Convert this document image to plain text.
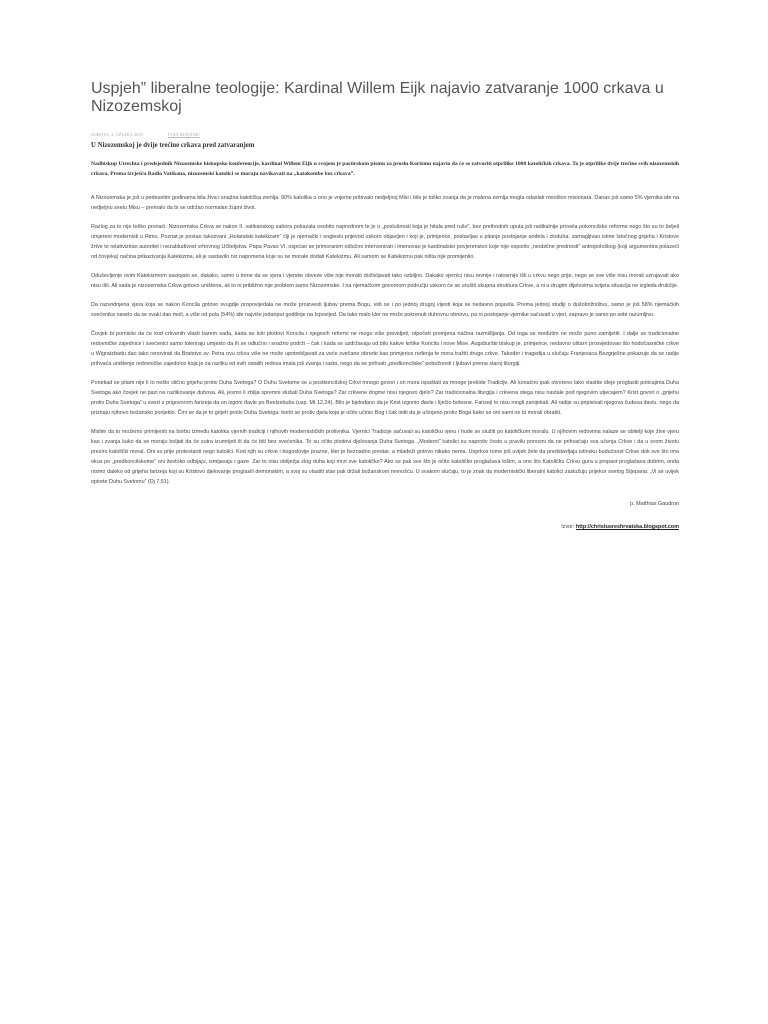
Uspjeh” liberalne teologije: Kardinal Willem Eijk najavio zatvaranje 1000 crkava u Nizozemskoj
SUBOTA, 3. OŽUJKA 2018	IVAN RUDANIĆ

U Nizozemskoj je dvije trećine crkava pred zatvaranjem

Nadbiskup Utrechta i predsjednik Nizozemske biskupske konferencije, kardinal Willem Eijk u svojem je pastirskom pismu za proslu Korizmu najavio da će se zatvoriti otprilike 1000 katoličkih crkava. To je otprilike dvije trećine svih nizozemskih crkava. Prema izvješću Radio Vatikana, nizozemski katolici se moraju navikavati na „katakombe bez crkava”.

A Nizozemska je još u pedesetim godinama bila živa i snažna katolička zemlja. 90% katolika u ono je vrijeme pribivalo nedjeljnoj Misi i bilo je toliko zvanja da je malena zemlja mogla odaslati mnoštvo misionara. Danas još samo 5% vjernika ide na nedjeljnu svetu Misu – premalo da bi se održao normalan župni život.

Razlog za to nije teško pronaći. Nizozemska Crkva se nakon II. vatikanskog sabora pokazala osobito naprednom te je u „poslušnosti koja je hitala pred rušo”, bez prethodnih uputa još radikalnije provela pokoncilske reforme nego što su to željeli umjereni modernisti u Rimu. Poznat je postao takozvani „Holandski katekizam” čiji je njemački i engleski prijevod uskoro objavljen i koji je, primjerice, postavljao u pitanje postojanje anđela i zloduha, zamagljivao istine Istočnog grijeha i Kristove žrtve te relativizirao autoritet i nezabludivost vrhovnog Učiteljstva. Papa Pavao VI. osjećao se primoranim odlučno intervenirati i imenovao je kardinalsko povjerenstvo koje nije osporilo „neobične prednosti” antropološkog (koji argumentira polazeći od čovjeka) načina prikazivanja Katekizma, ali je sastavilo niz napomena koje su se morale dodati Katekizmu. Ali samom se Katekizmu pak ništa nije promijenilo.

Oduševljenje ovim Katekizmom sastojalo se, dakako, samo u tome da se vjera i vjerske obveze više nije moralo doživljavati tako ozbiljno. Dakako vjernici nisu revnije i ratosrnije išli u crkvu nego prije, nego se sve više nisu morali uzrujavati ako nisu išli. Ali sada je nizozemska Crkva gotovo uništena, ali to ni približno nije problem samo Nizozemske. I na njemačkom govornom području uskoro će se urušiti ukupna struktura Crkve, a ni u drugim dijelovima svijeta situacija ne izgleda drukčije.

Da razvodnjena vjera koja se nakon Koncila gotovo svugdje propovijedala ne može proizvesti ljubav prema Bogu, vidi se i po jednoj drugoj vijesti koja se nedavno pojavila. Prema jednoj studiji o dušobrižništvu, samo je još 58% njemačkih svećenika navelo da se svaki dan moli, a više od pola (54%) ide najviše jedanput godišnje na Ispovijed. Da tako malo kler ne može pokrenuti duhovnu obnovu, pa ni postojanje vjernike sačuvati u vjeri, zapravo je samo po sebi razumljivo.

Čovjek bi pomislio da će kod crkvenih vlasti barem sada, kada se loši plodovi Koncila i njegovih reformi ne mogu više previdjeti, otpočeti promjena načina razmišljanja. Od toga se međutim ne može puno zamijetiti. I dalje se tradicionalne redovničke zajednice i svećenici samo toleriraju umjesto da ih se odlučno i snažno podrži – čak i kada se uzdržavaju od bilo kakve kritike Koncila i nove Mise. Augsburški biskup je, primjerice, nedavno oštarn prosvjedovao što hodočasničke crkve u Wigratzbadu dao tako renovirati da Bratstvo sv. Petra ovu crkvu više ne može upotrebljavati za veće svečane obrede kao primjerice ređenja te mora tražiti druge crkve. Također i tragedija u slučaju Franjevaca Bezgrješne pokazuje da se radije prihvaća uništenje redovničke zajednice koja je za razliku od svih ostalih redova imala još zvanja i rasta, nego da se prihvati „predkoncilske” pobožnosti i ljubavi prema staroj liturgiji.

Ponekad se pitam nije li to nešto slično grijehu protiv Duha Svetoga? O Duhu Svetome se u postkoncilskoj Crkvi mnogo govori i on mora ispaštati za mnoge prekide Tradicije. Ali konačno ipak otvoreno lako vlastite ideje proglasiti poticajima Duha Svetoga ako čovjek ne pazi na razlikovanje duhova. Ali, jesmo li zbilja spremni slušati Duha Svetoga? Zar crkvene dogme nisu njegovo djelo? Zar tradicionalna liturgija i crkvena stega nisu nastale pod njegovim utjecajem? Krist govori o „grijehu protiv Duha Svetoga” u svezi s prigovorom farizeja da on izgoni đavle po Beelzebubu (usp. Mt 12,24). Bilo je bjelodano da je Krist izgonio đavle i liječio bolesne. Farizeji to nisu mogli zanijekati. Ali radije su pripisivali njegova čudesa đavlu, nego da priznaju njihovo božansko porijeklo. Čini se da je to grijeh protiv Duha Svetoga: boriti se protiv djela koja je očito učinio Bog i čak istiti da je učinjeno protiv Boga kako se oni sami ne bi morali obratiti.

Mislim da to možemo primijeniti na borbu između katolika vjernih tradiciji i njihovih modernističkih protivnika. Vjernici Tradicije sačuvali su katoličku vjeru i hude se služiti po katoličkom moralu. U njihovim redovima nalaze se obitelji koje žive vjeru kao i zvanja kako da se moraju boljati da će sutra izumrijeti ili da će biti bez svećenika. To su očito plodovi djelovanja Duha Svetoga. „Moderni” katolici su naprotiv često u pravilu ponosni da ne prihvaćaju sva učenja Crkve i da u svom životu preziru katolički moral. Oni su prije protestanti nego katolici. Kod njih su crkve i bogoslovije prazne, kler je beznadno prestar, a mladeži gotovo nikako nema. Usprkos tome još uvijek žele da predstavljaju istinsku budućnost Crkve dok sve što ima okus po „predkoncilskome” oni žestoko odbijaju, ismijavaju i gaze. Zar to nisu obilježja zlog duha koji mrzi sve katoličko? Ako se pak sve što je očito katoličko proglašava lošim, a ono što Katoličku Crkvu gura u propast proglašava dobrim, onda nismo daleko od grijeha farizeja koji su Kristovo djelovanje proglasili demonskim, a svoj su vlastiti stav pak držali božanskom revnošću. U svakom slučaju, to je znak da modernistički liberalni katolici zaslužuju prijekor svetog Stjepana: „Vi se uvijek opirete Duhu Svetomu” (Dj 7,51).

p. Matthias Gaudron

Izvor: http://christusreshrvatska.blogspot.com
